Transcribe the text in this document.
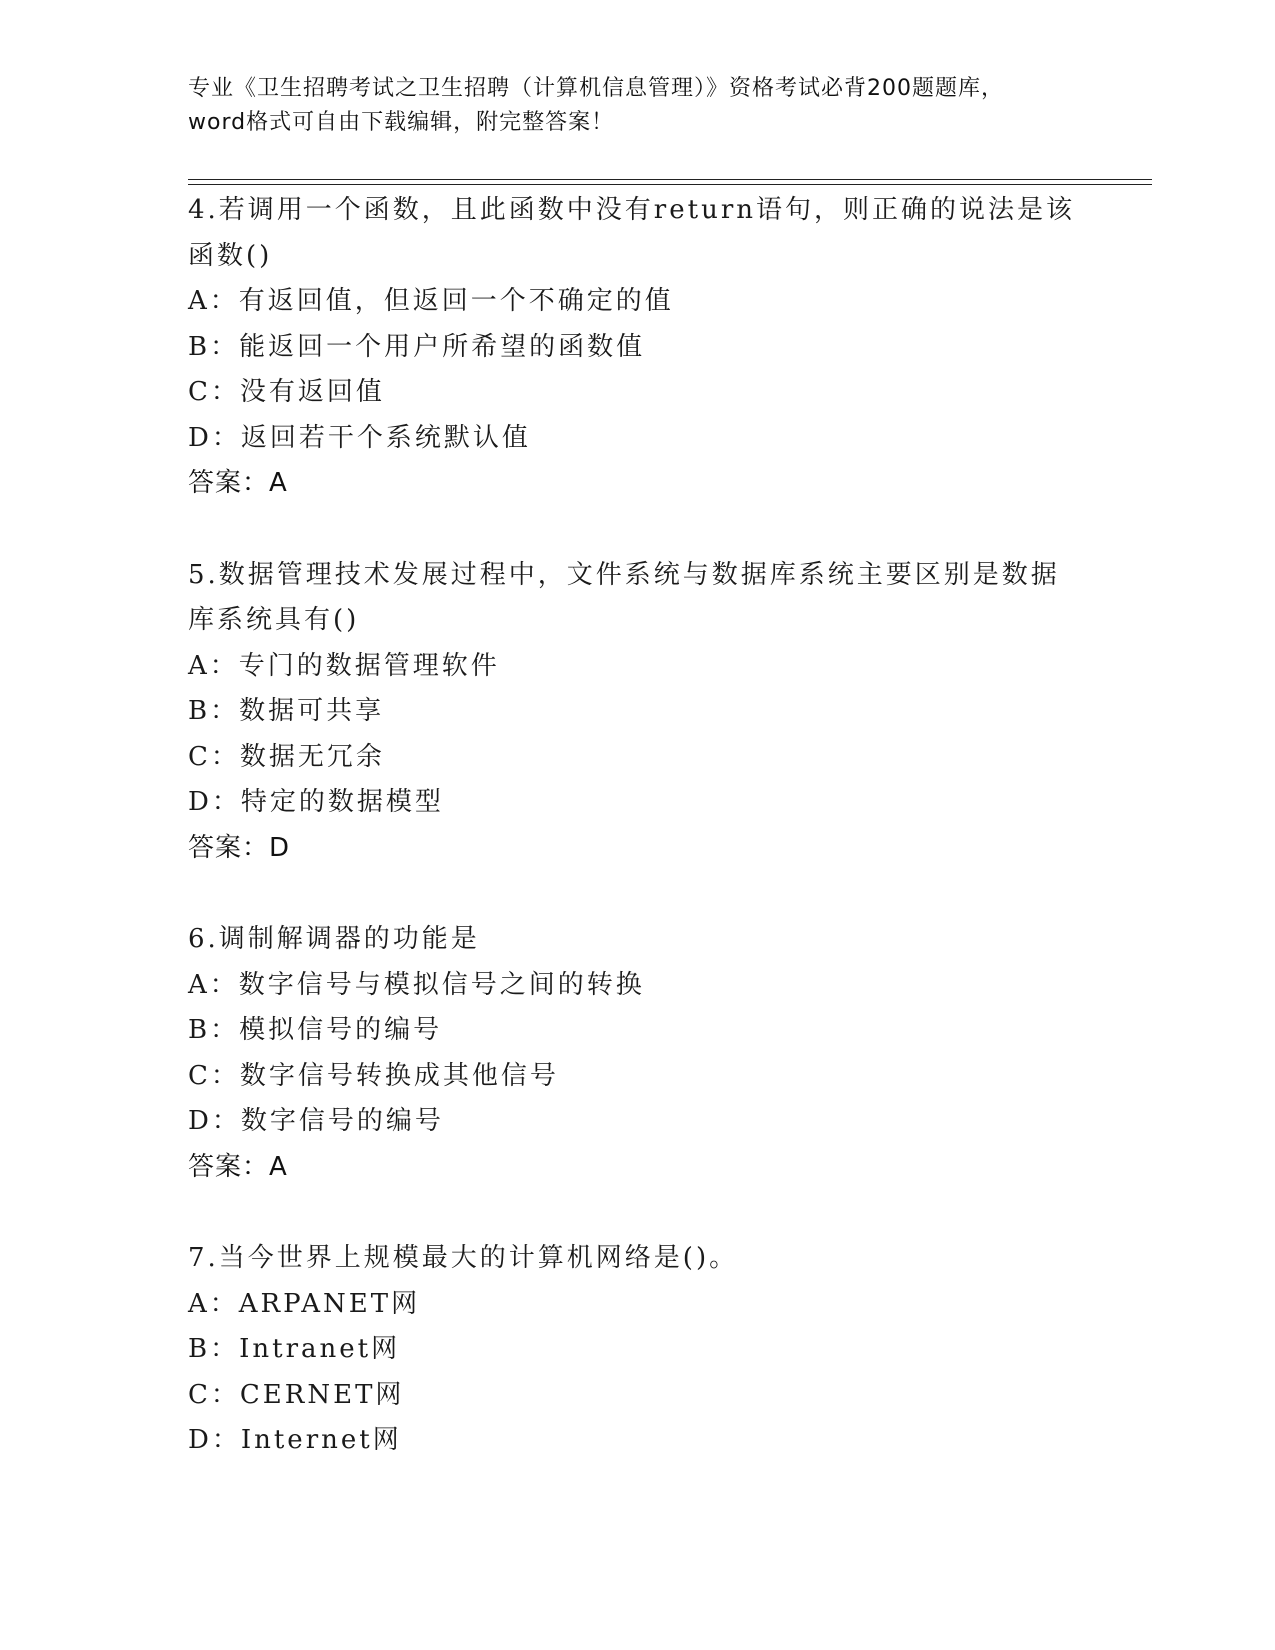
专业《卫生招聘考试之卫生招聘（计算机信息管理）》资格考试必背200题题库，
word格式可自由下载编辑，附完整答案！
4.若调用一个函数，且此函数中没有return语句，则正确的说法是该
函数()
A：有返回值，但返回一个不确定的值
B：能返回一个用户所希望的函数值
C：没有返回值
D：返回若干个系统默认值
答案：A
5.数据管理技术发展过程中，文件系统与数据库系统主要区别是数据
库系统具有()
A：专门的数据管理软件
B：数据可共享
C：数据无冗余
D：特定的数据模型
答案：D
6.调制解调器的功能是
A：数字信号与模拟信号之间的转换
B：模拟信号的编号
C：数字信号转换成其他信号
D：数字信号的编号
答案：A
7.当今世界上规模最大的计算机网络是()。
A：ARPANET网
B：Intranet网
C：CERNET网
D：Internet网
